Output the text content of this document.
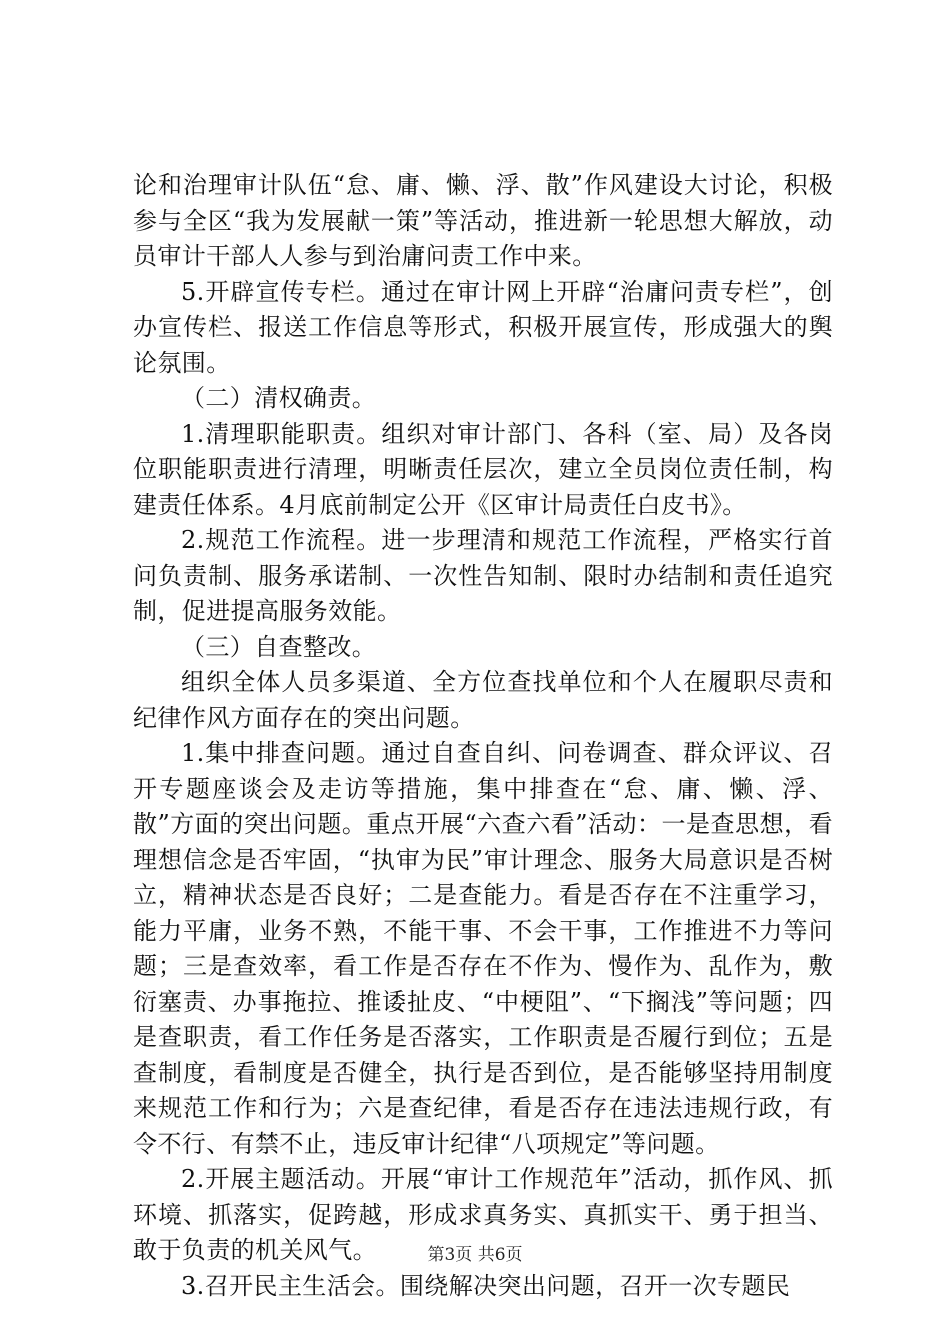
论和治理审计队伍“怠、庸、懒、浮、散”作风建设大讨论，积极参与全区“我为发展献一策”等活动，推进新一轮思想大解放，动员审计干部人人参与到治庸问责工作中来。

5.开辟宣传专栏。通过在审计网上开辟“治庸问责专栏”，创办宣传栏、报送工作信息等形式，积极开展宣传，形成强大的舆论氛围。

（二）清权确责。

1.清理职能职责。组织对审计部门、各科（室、局）及各岗位职能职责进行清理，明晰责任层次，建立全员岗位责任制，构建责任体系。4月底前制定公开《区审计局责任白皮书》。

2.规范工作流程。进一步理清和规范工作流程，严格实行首问负责制、服务承诺制、一次性告知制、限时办结制和责任追究制，促进提高服务效能。

（三）自查整改。

组织全体人员多渠道、全方位查找单位和个人在履职尽责和纪律作风方面存在的突出问题。

1.集中排查问题。通过自查自纠、问卷调查、群众评议、召开专题座谈会及走访等措施，集中排查在“怠、庸、懒、浮、散”方面的突出问题。重点开展“六查六看”活动：一是查思想，看理想信念是否牢固，“执审为民”审计理念、服务大局意识是否树立，精神状态是否良好；二是查能力。看是否存在不注重学习，能力平庸，业务不熟，不能干事、不会干事，工作推进不力等问题；三是查效率，看工作是否存在不作为、慢作为、乱作为，敷衍塞责、办事拖拉、推诿扯皮、“中梗阻”、“下搁浅”等问题；四是查职责，看工作任务是否落实，工作职责是否履行到位；五是查制度，看制度是否健全，执行是否到位，是否能够坚持用制度来规范工作和行为；六是查纪律，看是否存在违法违规行政，有令不行、有禁不止，违反审计纪律“八项规定”等问题。

2.开展主题活动。开展“审计工作规范年”活动，抓作风、抓环境、抓落实，促跨越，形成求真务实、真抓实干、勇于担当、敢于负责的机关风气。

3.召开民主生活会。围绕解决突出问题，召开一次专题民

第3页 共6页
